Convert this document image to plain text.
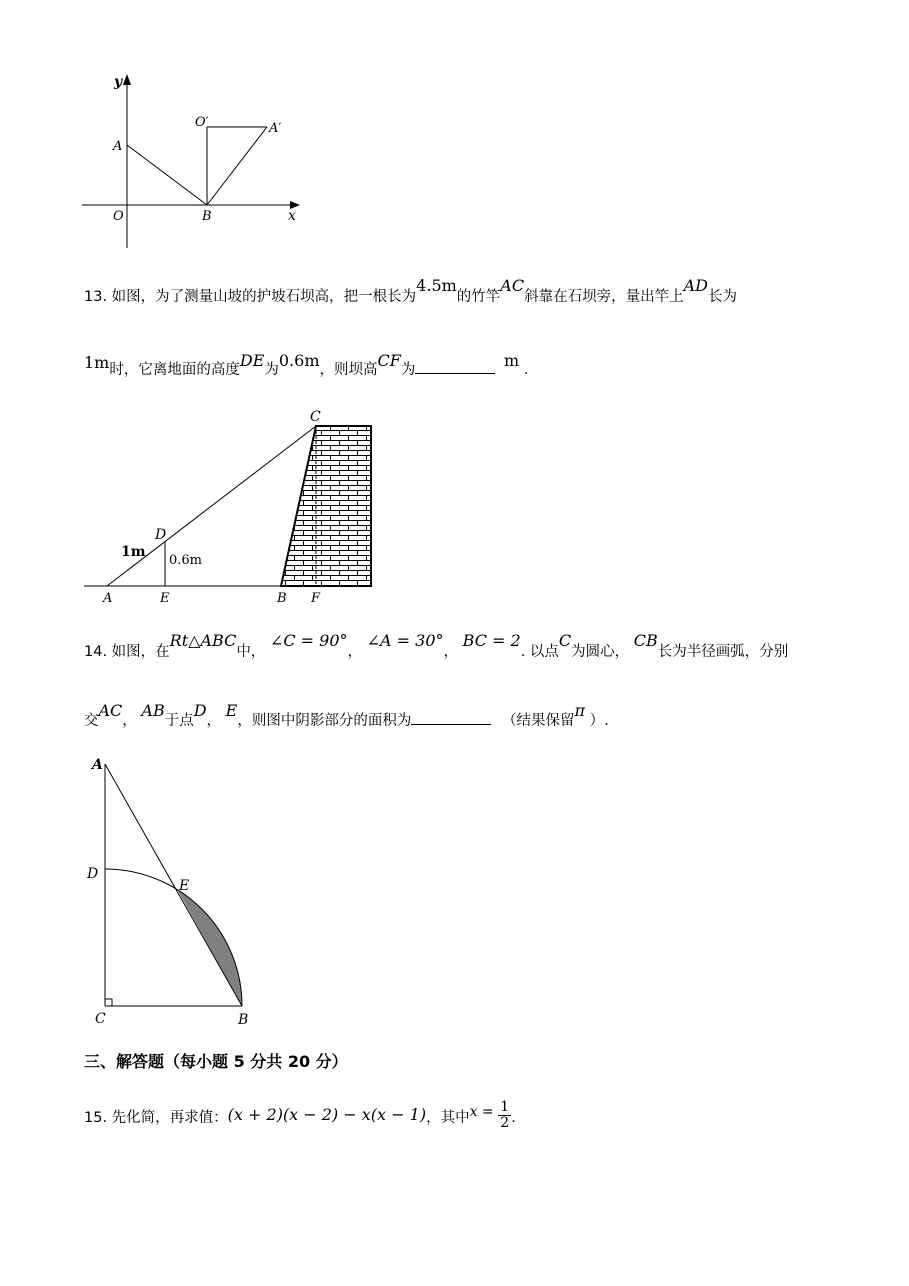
y
x
O
A
B
O′	A′
13. 如图，为了测量山坡的护坡石坝高，把一根长为4.5m的竹竿AC斜靠在石坝旁，量出竿上AD长为
1m时，它离地面的高度DE为0.6m，则坝高CF为	m .
C
D
1m
0.6m
A	E	B F
14. 如图，在Rt△ABC中， ∠C = 90°， ∠A = 30°， BC = 2. 以点C为圆心， CB长为半径画弧，分别
交AC， AB于点D， E，则图中阴影部分的面积为	（结果保留π ）.
A
D
E
C	B
三、解答题（每小题 5 分共 20 分）
15. 先化简，再求值：(x + 2)(x − 2) − x(x − 1)，其中$x = \frac{1}{2}$ .
